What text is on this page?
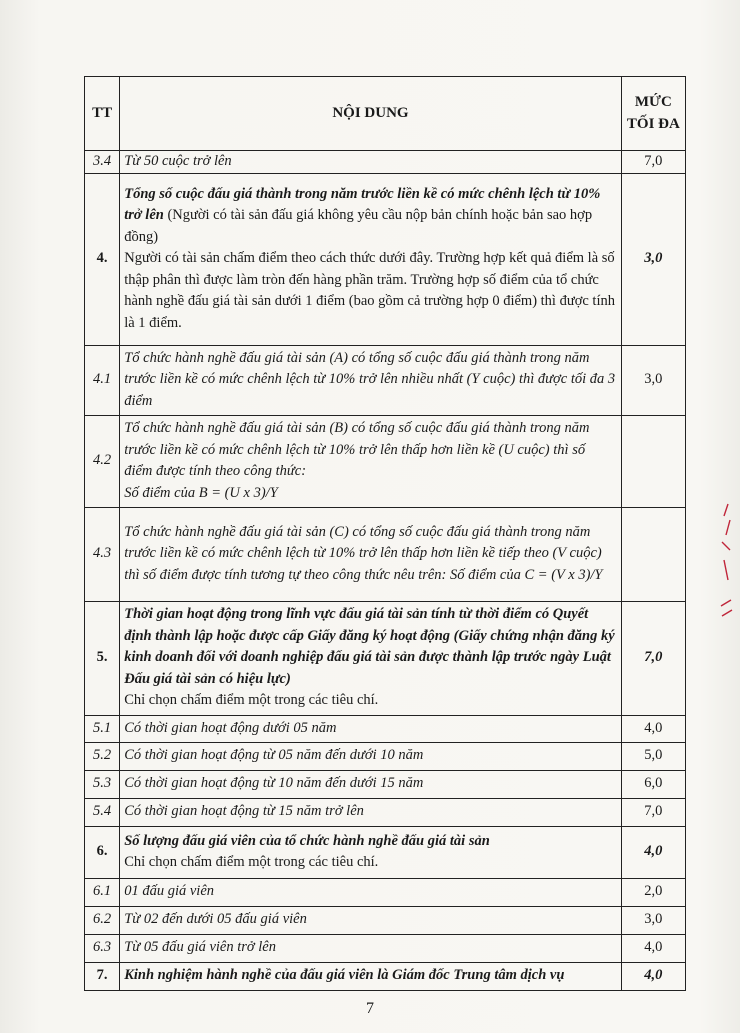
TT	NỘI DUNG	MỨC
TỐI ĐA

3.4	Từ 50 cuộc trở lên	7,0
4.	Tổng số cuộc đấu giá thành trong năm trước liền kề có mức chênh lệch từ 10% trở lên (Người có tài sản đấu giá không yêu cầu nộp bản chính hoặc bản sao hợp đồng)
Người có tài sản chấm điểm theo cách thức dưới đây. Trường hợp kết quả điểm là số thập phân thì được làm tròn đến hàng phần trăm. Trường hợp số điểm của tổ chức hành nghề đấu giá tài sản dưới 1 điểm (bao gồm cả trường hợp 0 điểm) thì được tính là 1 điểm.	3,0
4.1	Tổ chức hành nghề đấu giá tài sản (A) có tổng số cuộc đấu giá thành trong năm trước liền kề có mức chênh lệch từ 10% trở lên nhiều nhất (Y cuộc) thì được tối đa 3 điểm	3,0
4.2	Tổ chức hành nghề đấu giá tài sản (B) có tổng số cuộc đấu giá thành trong năm trước liền kề có mức chênh lệch từ 10% trở lên thấp hơn liền kề (U cuộc) thì số điểm được tính theo công thức:
Số điểm của B = (U x 3)/Y	

4.3	Tổ chức hành nghề đấu giá tài sản (C) có tổng số cuộc đấu giá thành trong năm trước liền kề có mức chênh lệch từ 10% trở lên thấp hơn liền kề tiếp theo (V cuộc) thì số điểm được tính tương tự theo công thức nêu trên: Số điểm của C = (V x 3)/Y	
5.	Thời gian hoạt động trong lĩnh vực đấu giá tài sản tính từ thời điểm có Quyết định thành lập hoặc được cấp Giấy đăng ký hoạt động (Giấy chứng nhận đăng ký kinh doanh đối với doanh nghiệp đấu giá tài sản được thành lập trước ngày Luật Đấu giá tài sản có hiệu lực)
Chỉ chọn chấm điểm một trong các tiêu chí.	7,0
5.1	Có thời gian hoạt động dưới 05 năm	4,0
5.2	Có thời gian hoạt động từ 05 năm đến dưới 10 năm	5,0
5.3	Có thời gian hoạt động từ 10 năm đến dưới 15 năm	6,0
5.4	Có thời gian hoạt động từ 15 năm trở lên	7,0
6.	Số lượng đấu giá viên của tổ chức hành nghề đấu giá tài sản
Chỉ chọn chấm điểm một trong các tiêu chí.	4,0
6.1	01 đấu giá viên	2,0
6.2	Từ 02 đến dưới 05 đấu giá viên	3,0
6.3	Từ 05 đấu giá viên trở lên	4,0
7.	Kinh nghiệm hành nghề của đấu giá viên là Giám đốc Trung tâm dịch vụ	4,0
7
